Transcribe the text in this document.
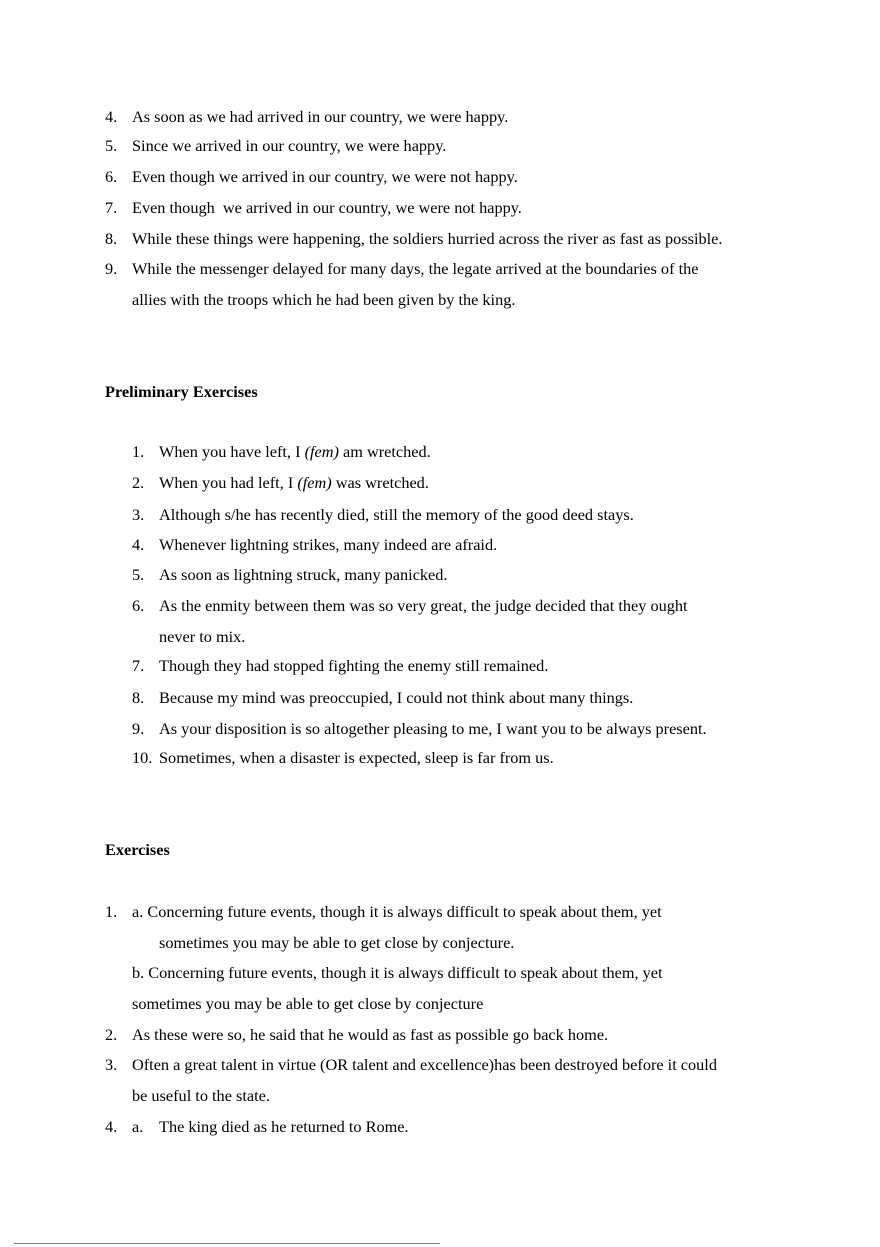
4. As soon as we had arrived in our country, we were happy.
5. Since we arrived in our country, we were happy.
6. Even though we arrived in our country, we were not happy.
7. Even though  we arrived in our country, we were not happy.
8. While these things were happening, the soldiers hurried across the river as fast as possible.
9. While the messenger delayed for many days, the legate arrived at the boundaries of the
allies with the troops which he had been given by the king.
Preliminary Exercises
1. When you have left, I (fem) am wretched.
2. When you had left, I (fem) was wretched.
3. Although s/he has recently died, still the memory of the good deed stays.
4. Whenever lightning strikes, many indeed are afraid.
5. As soon as lightning struck, many panicked.
6. As the enmity between them was so very great, the judge decided that they ought
never to mix.
7. Though they had stopped fighting the enemy still remained.
8. Because my mind was preoccupied, I could not think about many things.
9. As your disposition is so altogether pleasing to me, I want you to be always present.
10. Sometimes, when a disaster is expected, sleep is far from us.
Exercises
1. a. Concerning future events, though it is always difficult to speak about them, yet
sometimes you may be able to get close by conjecture.
b. Concerning future events, though it is always difficult to speak about them, yet
sometimes you may be able to get close by conjecture
2. As these were so, he said that he would as fast as possible go back home.
3. Often a great talent in virtue (OR talent and excellence)has been destroyed before it could
be useful to the state.
4. a. The king died as he returned to Rome.
